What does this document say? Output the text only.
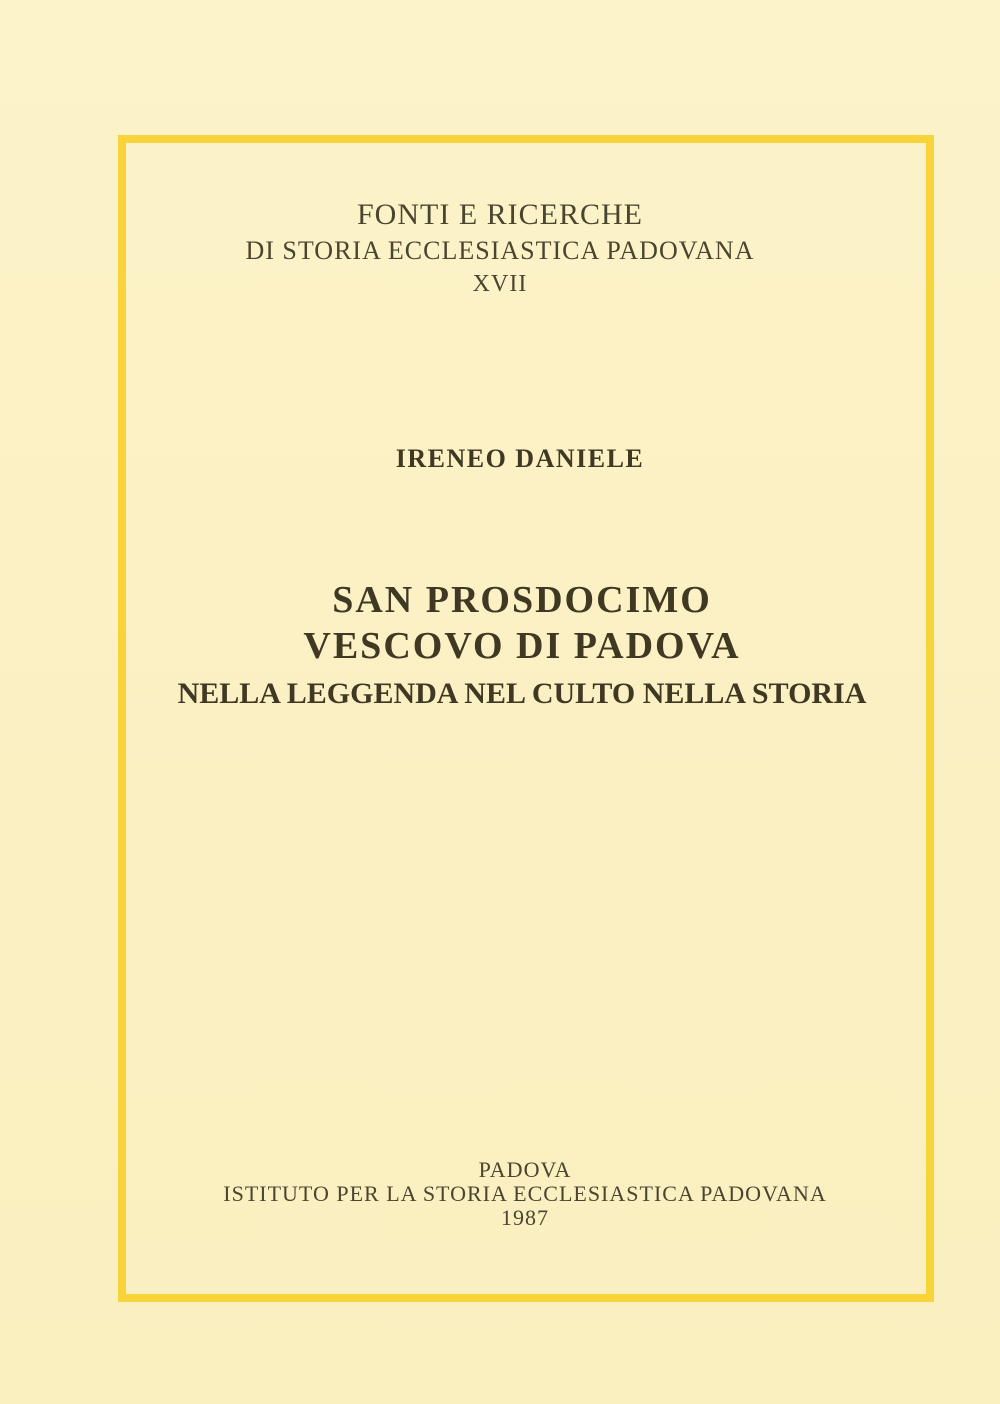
FONTI E RICERCHE

DI STORIA ECCLESIASTICA PADOVANA

XVII

IRENEO DANIELE

SAN PROSDOCIMO

VESCOVO DI PADOVA

NELLA LEGGENDA NEL CULTO NELLA STORIA

PADOVA

ISTITUTO PER LA STORIA ECCLESIASTICA PADOVANA

1987
